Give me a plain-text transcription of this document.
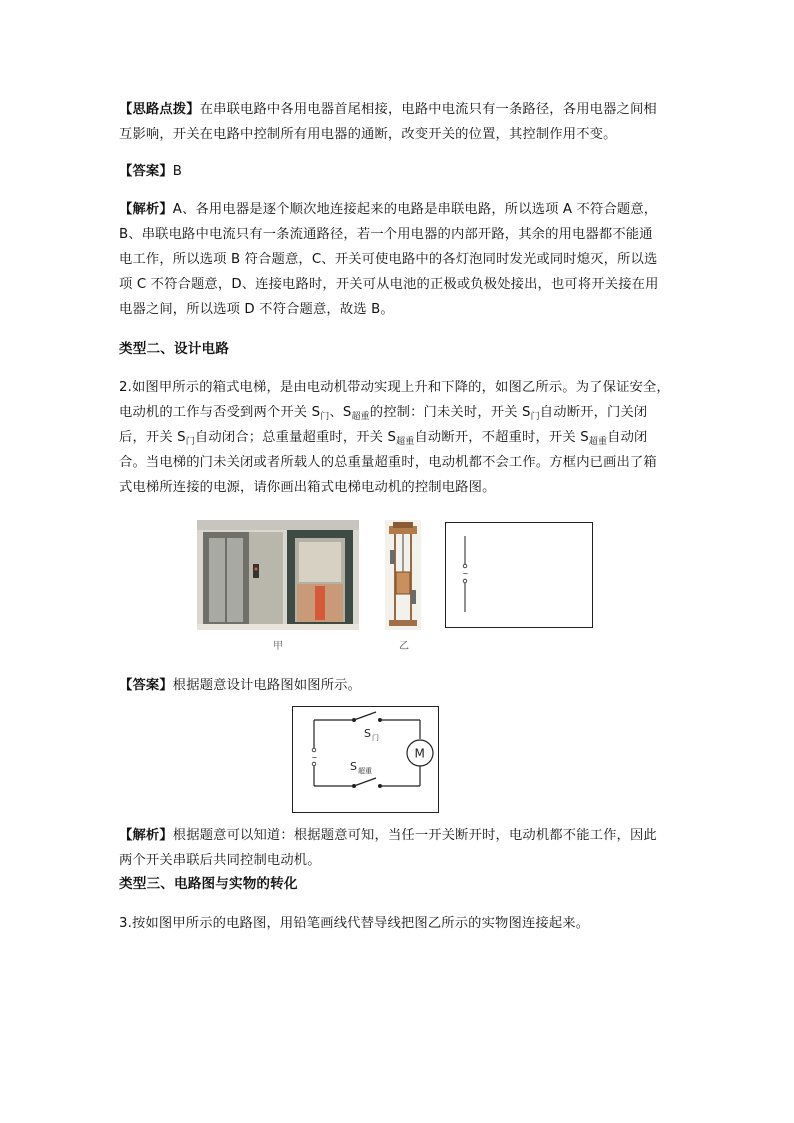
【思路点拨】在串联电路中各用电器首尾相接，电路中电流只有一条路径，各用电器之间相
互影响，开关在电路中控制所有用电器的通断，改变开关的位置，其控制作用不变。
【答案】B
【解析】A、各用电器是逐个顺次地连接起来的电路是串联电路，所以选项 A 不符合题意，
B、串联电路中电流只有一条流通路径，若一个用电器的内部开路，其余的用电器都不能通
电工作，所以选项 B 符合题意，C、开关可使电路中的各灯泡同时发光或同时熄灭，所以选
项 C 不符合题意，D、连接电路时，开关可从电池的正极或负极处接出，也可将开关接在用
电器之间，所以选项 D 不符合题意，故选 B。
类型二、设计电路
2.如图甲所示的箱式电梯，是由电动机带动实现上升和下降的，如图乙所示。为了保证安全，
电动机的工作与否受到两个开关 $S_门$、$S_{超重}$的控制：门未关时，开关 $S_门$自动断开，门关闭
后，开关 $S_门$自动闭合；总重量超重时，开关 $S_{超重}$自动断开，不超重时，开关 $S_{超重}$自动闭
合。当电梯的门未关闭或者所载人的总重量超重时，电动机都不会工作。方框内已画出了箱
式电梯所连接的电源，请你画出箱式电梯电动机的控制电路图。
甲	乙
~
【答案】根据题意设计电路图如图所示。
S 门
~
S 超重
M
【解析】根据题意可以知道：根据题意可知，当任一开关断开时，电动机都不能工作，因此
两个开关串联后共同控制电动机。
类型三、电路图与实物的转化
3.按如图甲所示的电路图，用铅笔画线代替导线把图乙所示的实物图连接起来。
